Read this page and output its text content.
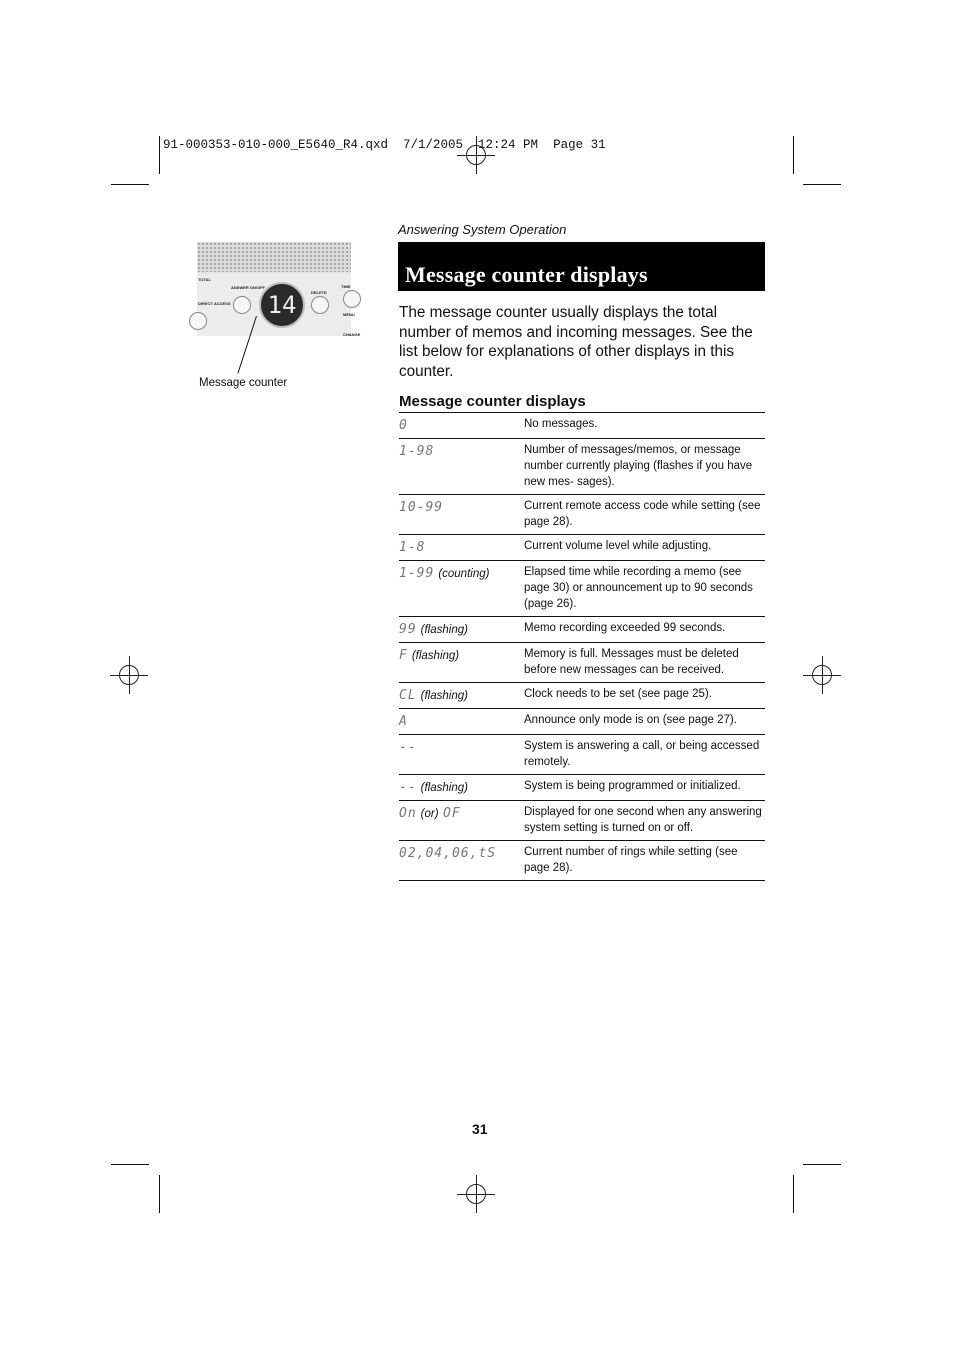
91-000353-010-000_E5640_R4.qxd  7/1/2005  12:24 PM  Page 31
TOTAL
DIRECT ACCESS
ANSWER ON/OFF
DELETE
TIME
MENU
CHANGE
14
Message counter
Answering System Operation
Message counter displays
The message counter usually displays the total number of memos and incoming messages. See the list below for explanations of other displays in this counter.
Message counter displays
0	No messages.
1-98	Number of messages/memos, or message number currently playing (flashes if you have new mes- sages).
10-99	Current remote access code while setting (see page 28).
1-8	Current volume level while adjusting.
1-99 (counting)	Elapsed time while recording a memo (see page 30) or announcement up to 90 seconds (page 26).
99 (flashing)	Memo recording exceeded 99 seconds.
F (flashing)	Memory is full. Messages must be deleted before new messages can be received.
CL (flashing)	Clock needs to be set (see page 25).
A	Announce only mode is on (see page 27).
--	System is answering a call, or being accessed remotely.
-- (flashing)	System is being programmed or initialized.
On (or) OF	Displayed for one second when any answering system setting is turned on or off.
02,04,06,tS	Current number of rings while setting (see page 28).
31
